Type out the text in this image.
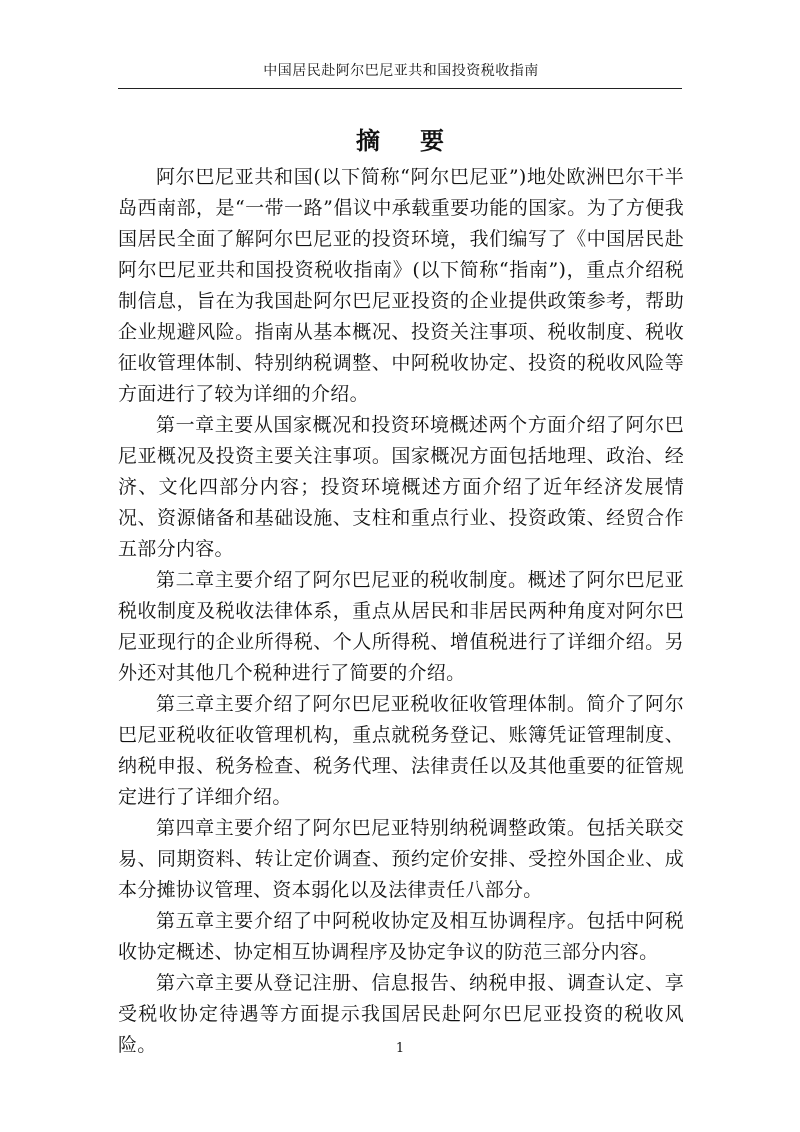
中国居民赴阿尔巴尼亚共和国投资税收指南
摘要

阿尔巴尼亚共和国(以下简称“阿尔巴尼亚”)地处欧洲巴尔干半岛西南部，是“一带一路”倡议中承载重要功能的国家。为了方便我国居民全面了解阿尔巴尼亚的投资环境，我们编写了《中国居民赴阿尔巴尼亚共和国投资税收指南》(以下简称“指南”)，重点介绍税制信息，旨在为我国赴阿尔巴尼亚投资的企业提供政策参考，帮助企业规避风险。指南从基本概况、投资关注事项、税收制度、税收征收管理体制、特别纳税调整、中阿税收协定、投资的税收风险等方面进行了较为详细的介绍。

第一章主要从国家概况和投资环境概述两个方面介绍了阿尔巴尼亚概况及投资主要关注事项。国家概况方面包括地理、政治、经济、文化四部分内容；投资环境概述方面介绍了近年经济发展情况、资源储备和基础设施、支柱和重点行业、投资政策、经贸合作五部分内容。

第二章主要介绍了阿尔巴尼亚的税收制度。概述了阿尔巴尼亚税收制度及税收法律体系，重点从居民和非居民两种角度对阿尔巴尼亚现行的企业所得税、个人所得税、增值税进行了详细介绍。另外还对其他几个税种进行了简要的介绍。

第三章主要介绍了阿尔巴尼亚税收征收管理体制。简介了阿尔巴尼亚税收征收管理机构，重点就税务登记、账簿凭证管理制度、纳税申报、税务检查、税务代理、法律责任以及其他重要的征管规定进行了详细介绍。

第四章主要介绍了阿尔巴尼亚特别纳税调整政策。包括关联交易、同期资料、转让定价调查、预约定价安排、受控外国企业、成本分摊协议管理、资本弱化以及法律责任八部分。

第五章主要介绍了中阿税收协定及相互协调程序。包括中阿税收协定概述、协定相互协调程序及协定争议的防范三部分内容。

第六章主要从登记注册、信息报告、纳税申报、调查认定、享受税收协定待遇等方面提示我国居民赴阿尔巴尼亚投资的税收风险。	1
